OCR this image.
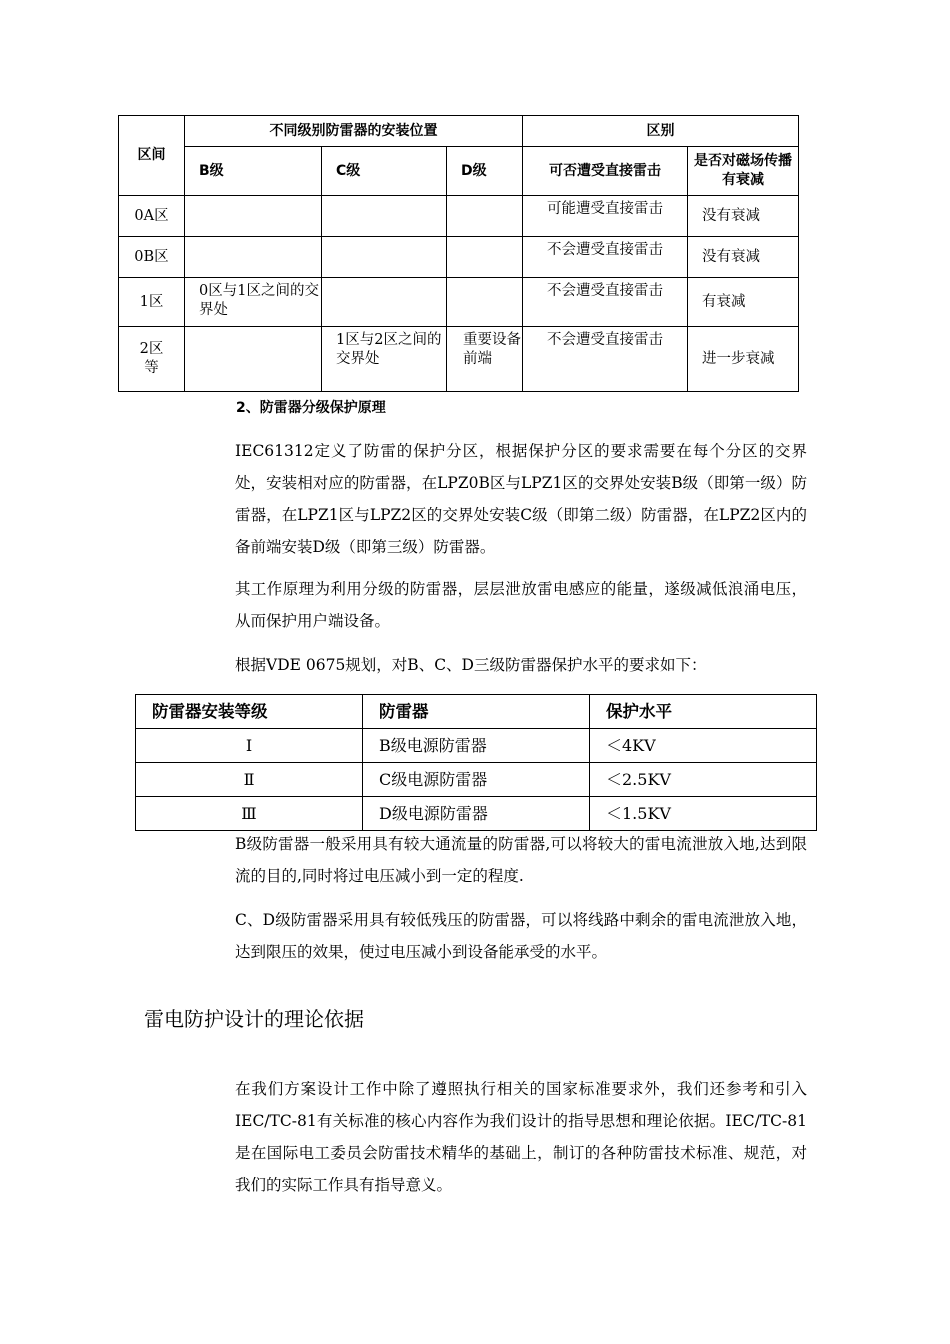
区间	不同级别防雷器的安装位置			区别	
	B级	C级	D级	可否遭受直接雷击	是否对磁场传播有衰减
0A区				可能遭受直接雷击	没有衰减
0B区				不会遭受直接雷击	没有衰减
1区	0区与1区之间的交界处			不会遭受直接雷击	有衰减
2区等		1区与2区之间的交界处	重要设备前端	不会遭受直接雷击	进一步衰减
2、防雷器分级保护原理
IEC61312定义了防雷的保护分区，根据保护分区的要求需要在每个分区的交界处，安装相对应的防雷器，在LPZ0B区与LPZ1区的交界处安装B级（即第一级）防雷器，在LPZ1区与LPZ2区的交界处安装C级（即第二级）防雷器，在LPZ2区内的备前端安装D级（即第三级）防雷器。
其工作原理为利用分级的防雷器，层层泄放雷电感应的能量，遂级减低浪涌电压，从而保护用户端设备。
根据VDE 0675规划，对B、C、D三级防雷器保护水平的要求如下：
防雷器安装等级	防雷器	保护水平
Ⅰ	B级电源防雷器	＜4KV
Ⅱ	C级电源防雷器	＜2.5KV
Ⅲ	D级电源防雷器	＜1.5KV
B级防雷器一般采用具有较大通流量的防雷器,可以将较大的雷电流泄放入地,达到限流的目的,同时将过电压减小到一定的程度.
C、D级防雷器采用具有较低残压的防雷器，可以将线路中剩余的雷电流泄放入地，达到限压的效果，使过电压减小到设备能承受的水平。
雷电防护设计的理论依据
在我们方案设计工作中除了遵照执行相关的国家标准要求外，我们还参考和引入IEC/TC-81有关标准的核心内容作为我们设计的指导思想和理论依据。IEC/TC-81是在国际电工委员会防雷技术精华的基础上，制订的各种防雷技术标准、规范，对我们的实际工作具有指导意义。
